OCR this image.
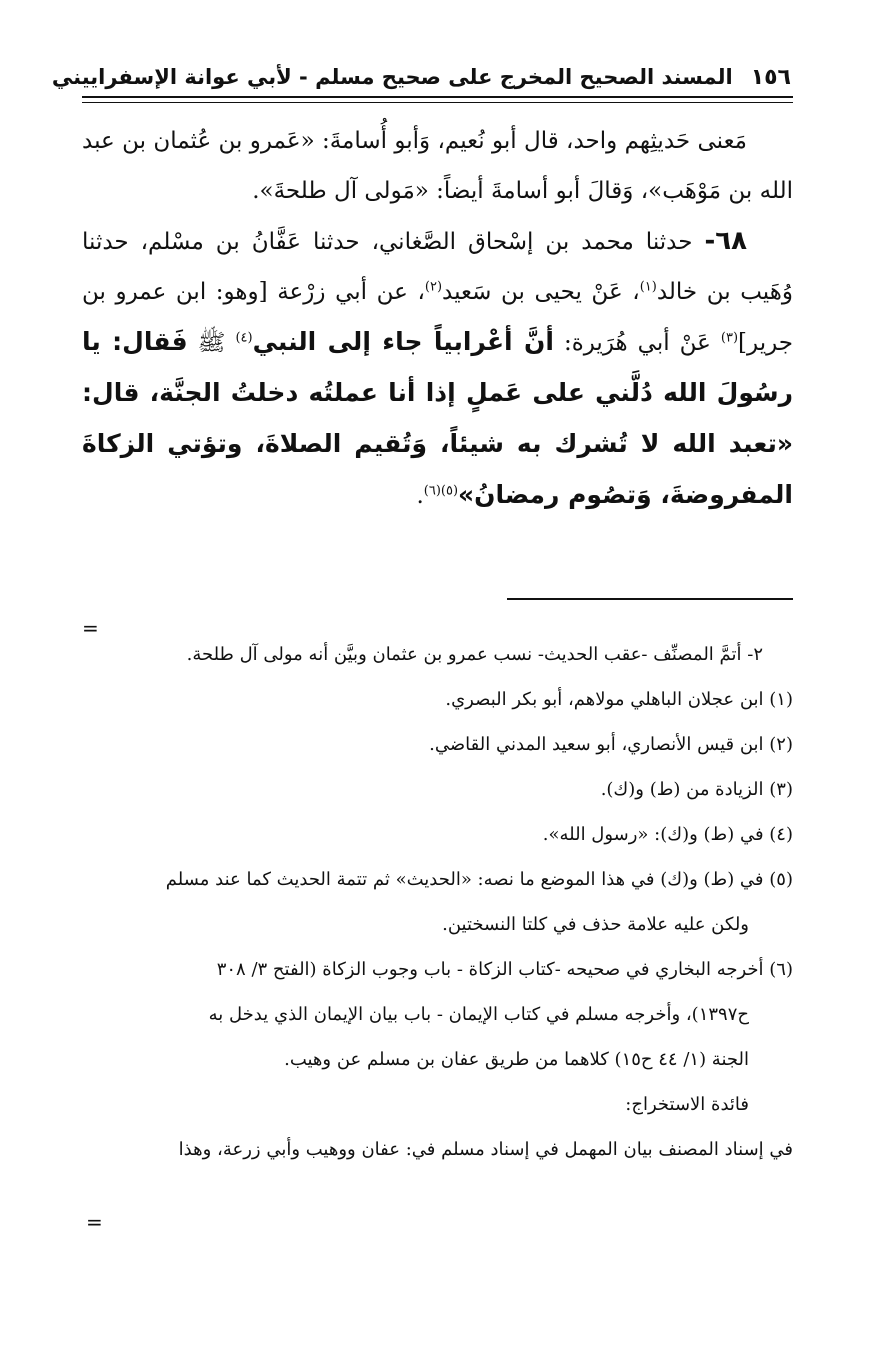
١٥٦
المسند الصحيح المخرج على صحيح مسلم - لأبي عوانة الإسفراييني

مَعنى حَديثِهم واحد، قال أبو نُعيم، وَأبو أُسامةَ: «عَمرو بن عُثمان بن عبد الله بن مَوْهَب»، وَقالَ أبو أسامةَ أيضاً: «مَولى آل طلحةَ».

٦٨- حدثنا محمد بن إسْحاق الصَّغاني، حدثنا عَفَّانُ بن مسْلم، حدثنا وُهَيب بن خالد$^{(١)}$، عَنْ يحيى بن سَعيد$^{(٢)}$، عن أبي زرْعة [وهو: ابن عمرو بن جرير]$^{(٣)}$ عَنْ أبي هُرَيرة: أنَّ أعْرابياً جاء إلى النبي$^{(٤)}$ ﷺ فَقال: يا رسُولَ الله دُلَّني على عَملٍ إذا أنا عملتُه دخلتُ الجنَّة، قال: «تعبد الله لا تُشرك به شيئاً، وَتُقيم الصلاةَ، وتؤتي الزكاةَ المفروضةَ، وَتصُوم رمضانُ»$^{(٥)(٦)}$.

=

٢- أتمَّ المصنِّف -عقب الحديث- نسب عمرو بن عثمان وبيَّن أنه مولى آل طلحة.

(١) ابن عجلان الباهلي مولاهم، أبو بكر البصري.

(٢) ابن قيس الأنصاري، أبو سعيد المدني القاضي.

(٣) الزيادة من (ط) و(ك).

(٤) في (ط) و(ك): «رسول الله».

(٥) في (ط) و(ك) في هذا الموضع ما نصه: «الحديث» ثم تتمة الحديث كما عند مسلم

ولكن عليه علامة حذف في كلتا النسختين.

(٦) أخرجه البخاري في صحيحه -كتاب الزكاة - باب وجوب الزكاة (الفتح ٣/ ٣٠٨

ح١٣٩٧)، وأخرجه مسلم في كتاب الإيمان - باب بيان الإيمان الذي يدخل به

الجنة (١/ ٤٤ ح١٥) كلاهما من طريق عفان بن مسلم عن وهيب.

فائدة الاستخراج:

في إسناد المصنف بيان المهمل في إسناد مسلم في: عفان ووهيب وأبي زرعة، وهذا

=
